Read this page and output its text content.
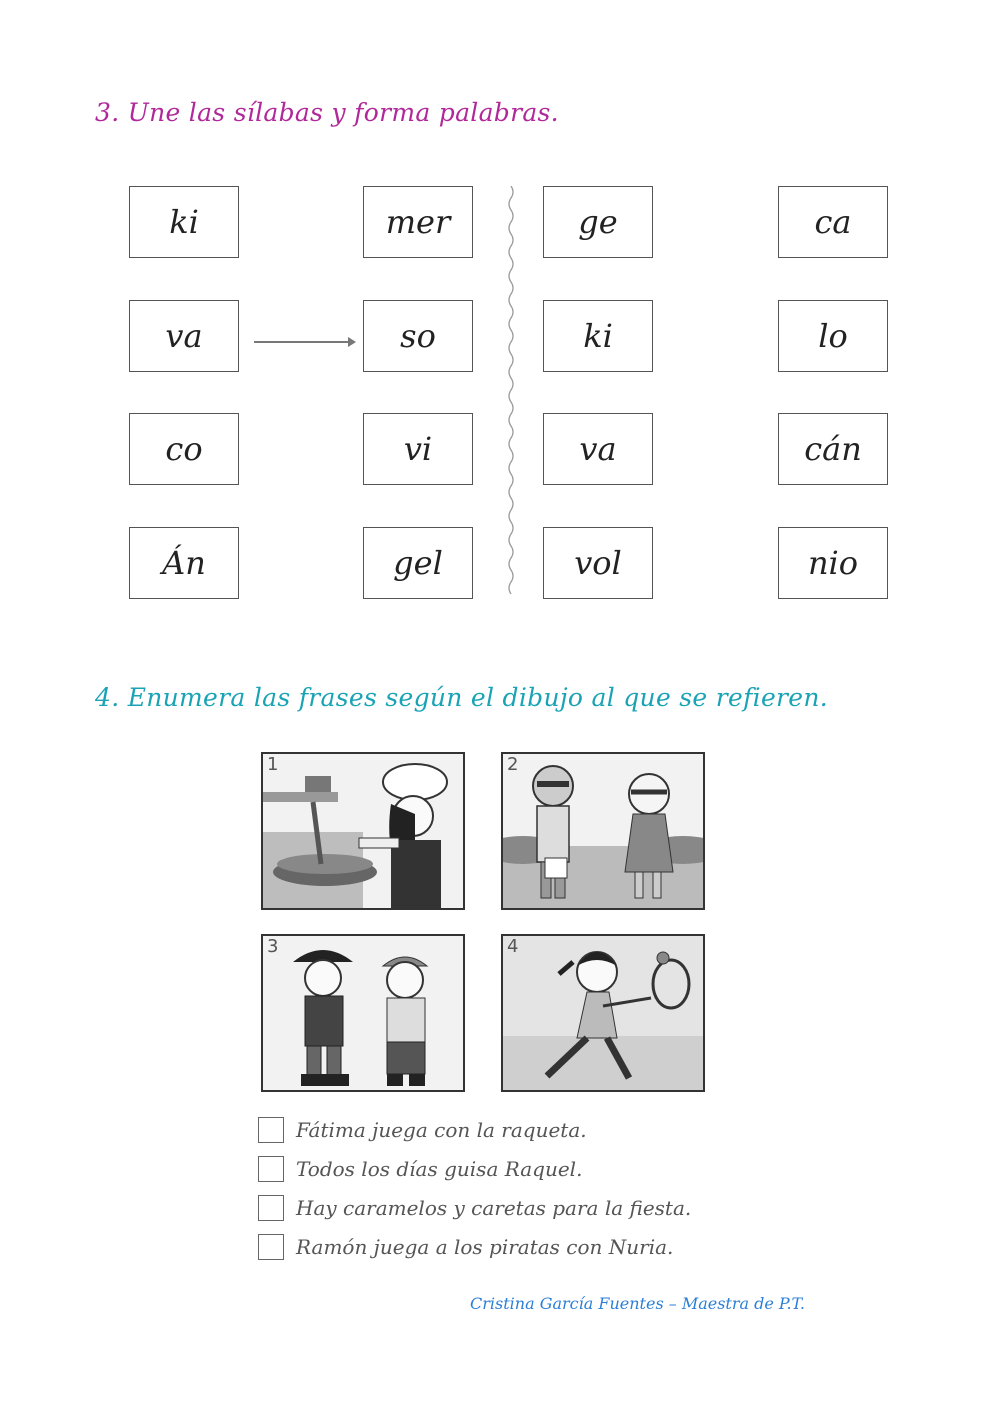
3. Une las sílabas y forma palabras.
ki
va
co
Án
mer
so
vi
gel
ge
ki
va
vol
ca
lo
cán
nio
4. Enumera las frases según el dibujo al que se refieren.
1	2
3	4
Fátima juega con la raqueta.
Todos los días guisa Raquel.
Hay caramelos y caretas para la fiesta.
Ramón juega a los piratas con Nuria.
Cristina García Fuentes – Maestra de P.T.
